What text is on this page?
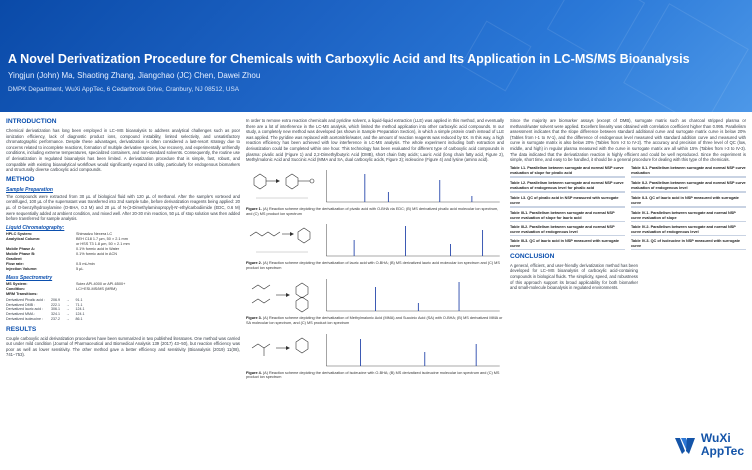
A Novel Derivatization Procedure for Chemicals with Carboxylic Acid and Its Application in LC-MS/MS Bioanalysis
Yingjun (John) Ma, Shaoting Zhang, Jiangchao (JC) Chen, Dawei Zhou
DMPK Department, WuXi AppTec, 6 Cedarbrook Drive, Cranbury, NJ 08512, USA
INTRODUCTION

Chemical derivatization has long been employed in LC−MS bioanalysis to address analytical challenges such as poor ionization efficiency, lack of diagnostic product ions, compound instability, limited selectivity, and unsatisfactory chromatographic performance. Despite these advantages, derivatization is often considered a last-resort strategy due to concerns related to incomplete reactions, formation of multiple derivative species, low recovery, and experimentally unfriendly conditions, including extreme temperatures, specialized containers, and non-standard solvents. Consequently, the routine use of derivatization in regulated bioanalysis has been limited. A derivatization procedure that is simple, fast, robust, and compatible with existing bioanalytical workflows would significantly expand its utility, particularly for endogenous biomarkers and structurally diverse carboxylic acid compounds.

METHOD
Sample Preparation

The compounds were extracted from 30 µL of biological fluid with 120 µL of methanol. After the sample's vortexed and centrifuged, 100 µL of the supernatant was transferred into 2nd sample tube, before derivatization reagents being applied: 20 µL of O-benzylhydroxylamine (O-BHA, 0.3 M) and 20 µL of N-(3-Dimethylaminopropyl)-N'-ethylcarbodiimide (EDC, 0.6 M) were sequentially added at ambient condition, and mixed well. After 20-30 min reaction, 50 µL of stop solution was then added before transferred for sample analysis.

Liquid Chromatography:
HPLC System:	Shimadzu Nexera LC
Analytical Column:	BEH C18 1.7 µm, 50 × 2.1 mm
or HSS T3 1.8 µm, 50 × 2.1 mm
Mobile Phase A:	0.1% formic acid in Water
Mobile Phase B:	0.1% formic acid in ACN
Gradient
Flow rate:	0.5 mL/min
Injection Volume:	5 µL
Mass Spectrometry
MS System:	Sciex API-4000 or API-6500+
Condition:	LC/+ESI-MS/MS (MRM)
MRM Transitions:
Derivatized Pivalic acid :	206.9	→	91.1
Derivatized DMB :	222.1	→	71.1
Derivatized lauric acid :	306.1	→	124.1
Derivatized MMA :	324.1	→	124.1
Derivatized isoleucine :	237.2	→	86.1
RESULTS

Couple carboxylic acid derivatization procedures have been summarized in two published literatures. One method was carried out under mild condition (Journal of Pharmaceutical and Biomedical Analysis 139 (2017) 43−50), but reaction efficiency was poor as well as lower sensitivity. The other method gave a better efficiency and sensitivity (Bioanalysis (2019) 11(08), 741−753).

In order to remove extra reaction chemicals and pyridine solvent, a liquid-liquid extraction (LLE) was applied in this method, and eventually there are a lot of interference in the LC-MS analysis, which limited the method application into other carboxylic acid compounds. In our study, a completely new method was developed (as shown in Sample Preparation Section), in which a simple protein crash instead of LLE was applied. The pyridine was replaced with acetonitrile/water, and the amount of reaction reagents was reduced by 5X. In this way, a high reaction efficiency has been achieved with low interference in LC-MS analysis. The whole experiment including both extraction and derivatization could be completed within one hour. This technology has been evaluated for different type of carboxylic acid compounds in plasma: pivalic acid (Figure 1) and 2,2-Dimethylbutyric Acid (DMB), short chain fatty acids; Lauric Acid (long chain fatty acid, Figure 2), Methylmalonic Acid and Succinic Acid (MMA and SA, dual carboxylic acids, Figure 3); isoleucine (Figure 4) and lysine (amino acid).

Figure 1. (A) Reaction scheme depicting the derivatization of pivalic acid with O-BHA via EDC; (B) MS derivatized pivalic acid molecular ion spectrum, and (C) MS product ion spectrum

Figure 2. (A) Reaction scheme depicting the derivatization of lauric acid with O-BHA; (B) MS derivatized lauric acid molecular ion spectrum and (C) MS product ion spectrum

Figure 3. (A) Reaction scheme depicting the derivatization of Methylmalonic Acid (MMA) and Succinic Acid (SA) with O-BHA; (B) MS derivatized MMA or SA molecular ion spectrum, and (C) MS product ion spectrum

Figure 4. (A) Reaction scheme depicting the derivatization of isoleucine with O-BHA; (B) MS derivatized isoleucine molecular ion spectrum and (C) MS product ion spectrum

Since the majority are biomarker assays (except of DMB), surrogate matrix such as charcoal stripped plasma or methanol/water solvent were applied. Excellent linearity was obtained with correlation coefficient higher than 0.995. Parallelism assessment indicates that the slope difference between standard additional curve and surrogate matrix curve is below 20% (Tables from I-1 to IV-1), and the difference of endogenous level measured with standard addition curve and measured with curve in surrogate matrix is also below 20% (Tables from I-2 to IV-2). The accuracy and precision of three level of QC (low, middle, and high) in regular plasma measured with the curve in surrogate matrix are all within 15% (Tables from I-3 to IV-3). The data indicated that the derivatization reaction is highly efficient and could be well reproduced. Since the experiment is simple, short time, and easy to be handled, it should be a general procedure for dealing with this type of the chemicals.

Table I-1. Parallelism between surrogate and normal NSP curve evaluation of slope for pivalic acid

Table II-1. Parallelism between surrogate and normal NSP curve evaluation

Table I-2. Parallelism between surrogate and normal NSP curve evaluation of endogenous level for pivalic acid

Table II-2. Parallelism between surrogate and normal NSP curve evaluation of endogenous level

Table I-3. QC of pivalic acid in NSP measured with surrogate curve

Table II-3. QC of lauric acid in NSP measured with surrogate curve

Table III-1. Parallelism between surrogate and normal NSP curve evaluation of slope for lauric acid

Table IV-1. Parallelism between surrogate and normal NSP curve evaluation of slope

Table III-2. Parallelism between surrogate and normal NSP curve evaluation of endogenous level

Table IV-2. Parallelism between surrogate and normal NSP curve evaluation of endogenous level

Table III-3. QC of lauric acid in NSP measured with surrogate curve

Table IV-3. QC of isoleucine in NSP measured with surrogate curve

CONCLUSION

A general, efficient, and user-friendly derivatization method has been developed for LC−MS bioanalysis of carboxylic acid-containing compounds in biological fluids. The simplicity, speed, and robustness of this approach support its broad applicability for both biomarker and small-molecule bioanalysis in regulated environments.

WuXi
AppTec
